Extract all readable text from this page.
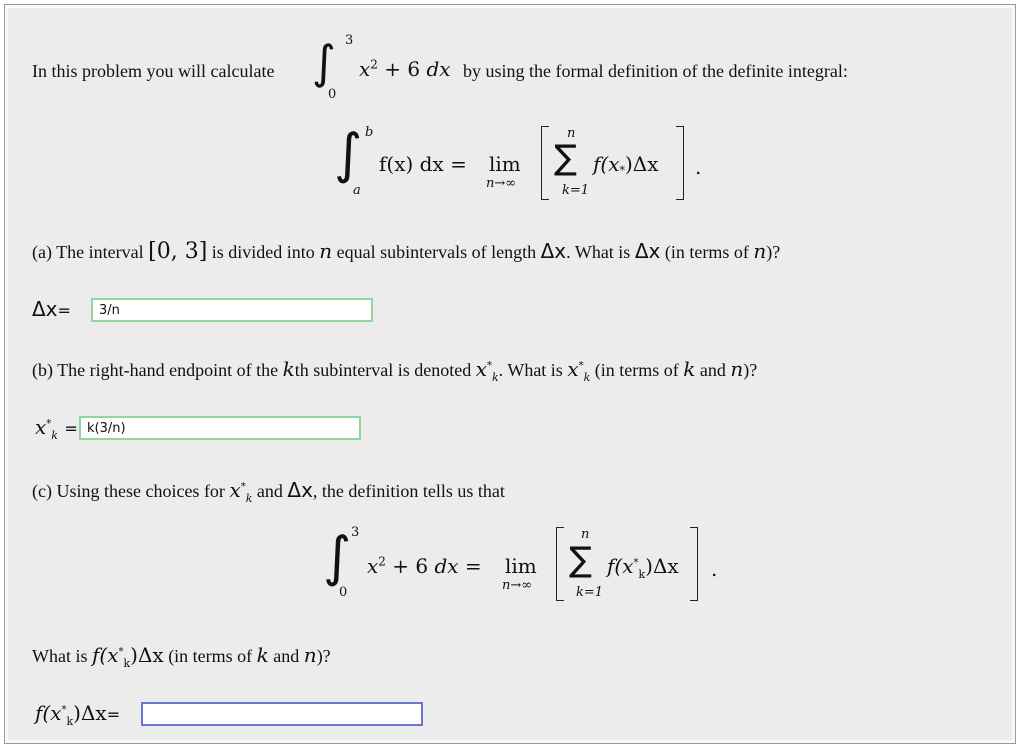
In this problem you will calculate ∫ 3
0
$x^2 + 6$ dx by using the formal definition of the definite integral:
∫ b
a
f(x) dx = lim
n→∞
n
∑
k=1
$f(x_*)\Delta x$ .
(a) The interval [0, 3] is divided into n equal subintervals of length Δx. What is Δx (in terms of n)?
Δx=	3/n
(b) The right-hand endpoint of the kth subinterval is denoted $x^*_k$. What is $x^*_k$ (in terms of k and n)?
$x^*_k = k(3/n)$
(c) Using these choices for $x^*_k$ and Δx, the definition tells us that
∫ 3
0
$x^2 + 6$ dx = lim
n→∞
n
∑
k=1
$f(x^*_k)\Delta x$ .
What is $f(x^*_k)\Delta x$ (in terms of k and n)?
$f(x^*_k)\Delta x=$
